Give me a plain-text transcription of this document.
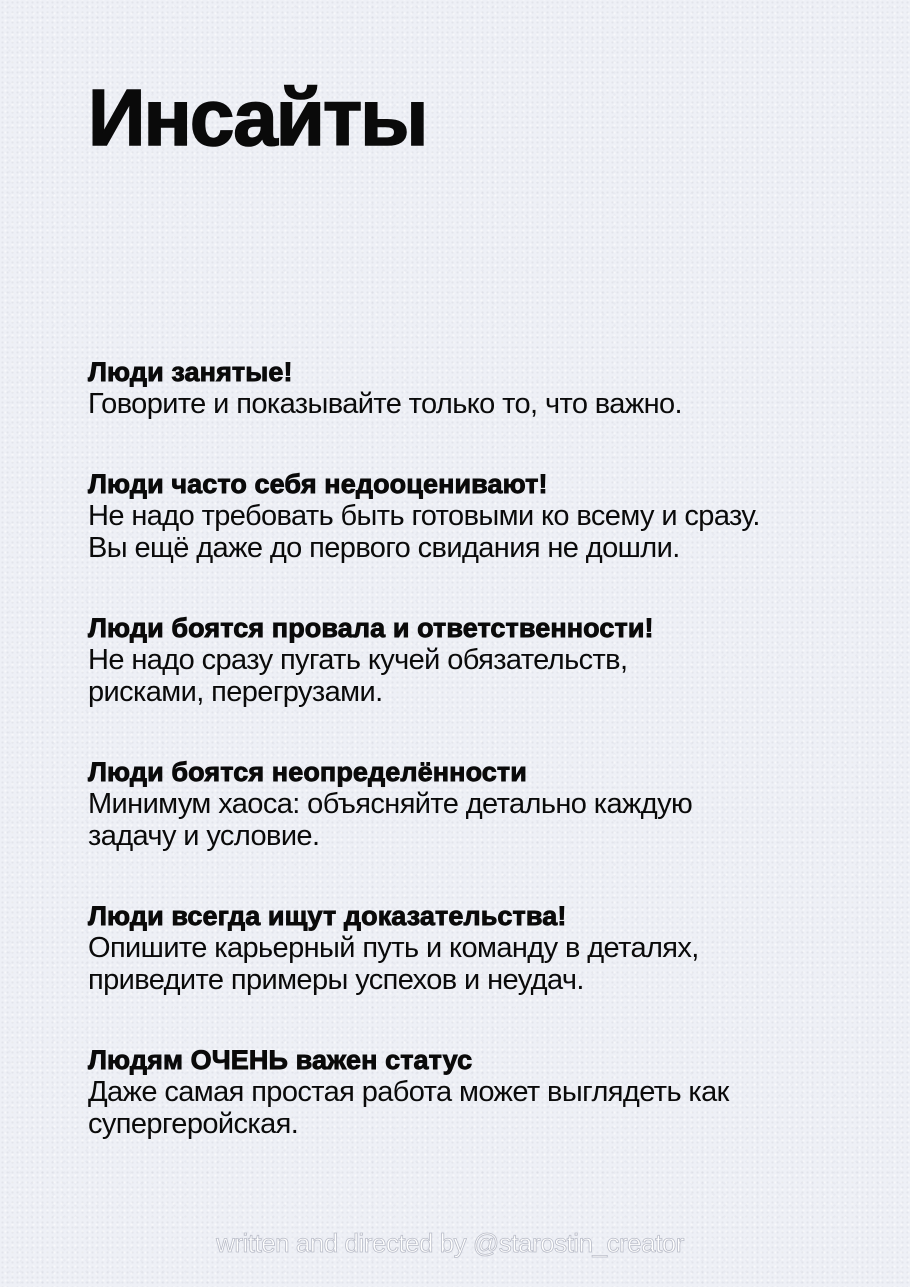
Инсайты
Люди занятые!
Говорите и показывайте только то, что важно.
Люди часто себя недооценивают!
Не надо требовать быть готовыми ко всему и сразу.
Вы ещё даже до первого свидания не дошли.
Люди боятся провала и ответственности!
Не надо сразу пугать кучей обязательств,
рисками, перегрузами.
Люди боятся неопределённости
Минимум хаоса: объясняйте детально каждую
задачу и условие.
Люди всегда ищут доказательства!
Опишите карьерный путь и команду в деталях,
приведите примеры успехов и неудач.
Людям ОЧЕНЬ важен статус
Даже самая простая работа может выглядеть как
супергеройская.
written and directed by @starostin_creator
